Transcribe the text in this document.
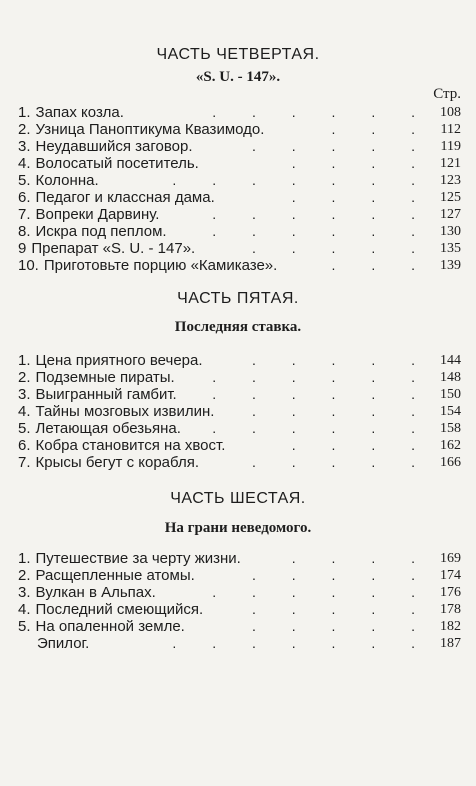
ЧАСТЬ ЧЕТВЕРТАЯ.
«S. U. - 147».
Стр.
1. Запах козла.	. . . . . . 108
2. Узница Паноптикума Квазимодо.	. . . 112
3. Неудавшийся заговор.	. . . . . 119
4. Волосатый посетитель.	. . . . 121
5. Колонна.	. . . . . . . 123
6. Педагог и классная дама.	. . . . 125
7. Вопреки Дарвину.	. . . . . . 127
8. Искра под пеплом.	. . . . . . 130
9 Препарат «S. U. - 147».	. . . . . 135
10. Приготовьте порцию «Камиказе».	. . . 139
ЧАСТЬ ПЯТАЯ.
Последняя ставка.
1. Цена приятного вечера.	. . . . . 144
2. Подземные пираты.	. . . . . . 148
3. Выигранный гамбит.	. . . . . . 150
4. Тайны мозговых извилин.	. . . . . 154
5. Летающая обезьяна. . . . . . . 158
6. Кобра становится на хвост.	. . . . 162
7. Крысы бегут с корабля.	. . . . . 166
ЧАСТЬ ШЕСТАЯ.
На грани неведомого.
1. Путешествие за черту жизни.	. . . . 169
2. Расщепленные атомы.	. . . . . 174
3. Вулкан в Альпах.	. . . . . . 176
4. Последний смеющийся.	. . . . . 178
5. На опаленной земле.	. . . . . 182
Эпилог.	. . . . . . . 187
